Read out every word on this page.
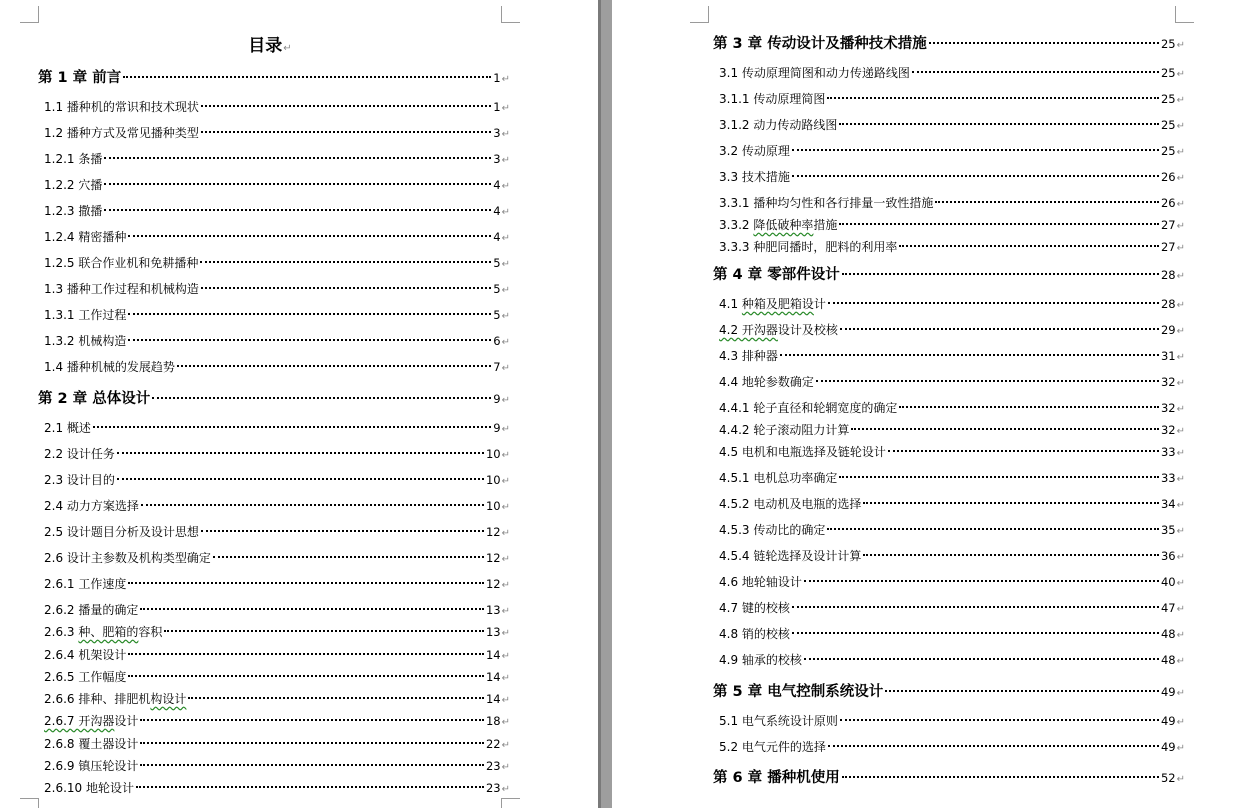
目录↵
第 1 章 前言	1 ↵
1.1 播种机的常识和技术现状	1 ↵
1.2 播种方式及常见播种类型	3 ↵
1.2.1 条播	3 ↵
1.2.2 穴播	4 ↵
1.2.3 撒播	4 ↵
1.2.4 精密播种	4 ↵
1.2.5 联合作业机和免耕播种	5 ↵
1.3 播种工作过程和机械构造	5 ↵
1.3.1 工作过程	5 ↵
1.3.2 机械构造	6 ↵
1.4 播种机械的发展趋势	7 ↵
第 2 章 总体设计	9 ↵
2.1 概述	9 ↵
2.2 设计任务	10 ↵
2.3 设计目的	10 ↵
2.4 动力方案选择	10 ↵
2.5 设计题目分析及设计思想	12 ↵
2.6 设计主参数及机构类型确定	12 ↵
2.6.1 工作速度	12 ↵
2.6.2 播量的确定	13 ↵
2.6.3 种、肥箱的容积	13 ↵
2.6.4 机架设计	14 ↵
2.6.5 工作幅度	14 ↵
2.6.6 排种、排肥机构设计	14 ↵
2.6.7 开沟器设计	18 ↵
2.6.8 覆土器设计	22 ↵
2.6.9 镇压轮设计	23 ↵
2.6.10 地轮设计	23 ↵
第 3 章 传动设计及播种技术措施	25 ↵
3.1 传动原理简图和动力传递路线图	25 ↵
3.1.1 传动原理简图	25 ↵
3.1.2 动力传动路线图	25 ↵
3.2 传动原理	25 ↵
3.3 技术措施	26 ↵
3.3.1 播种均匀性和各行排量一致性措施	26 ↵
3.3.2 降低破种率措施	27 ↵
3.3.3 种肥同播时，肥料的利用率	27 ↵
第 4 章 零部件设计	28 ↵
4.1 种箱及肥箱设计	28 ↵
4.2 开沟器设计及校核	29 ↵
4.3 排种器	31 ↵
4.4 地轮参数确定	32 ↵
4.4.1 轮子直径和轮辋宽度的确定	32 ↵
4.4.2 轮子滚动阻力计算	32 ↵
4.5 电机和电瓶选择及链轮设计	33 ↵
4.5.1 电机总功率确定	33 ↵
4.5.2 电动机及电瓶的选择	34 ↵
4.5.3 传动比的确定	35 ↵
4.5.4 链轮选择及设计计算	36 ↵
4.6 地轮轴设计	40 ↵
4.7 键的校核	47 ↵
4.8 销的校核	48 ↵
4.9 轴承的校核	48 ↵
第 5 章 电气控制系统设计	49 ↵
5.1 电气系统设计原则	49 ↵
5.2 电气元件的选择	49 ↵
第 6 章 播种机使用	52 ↵
